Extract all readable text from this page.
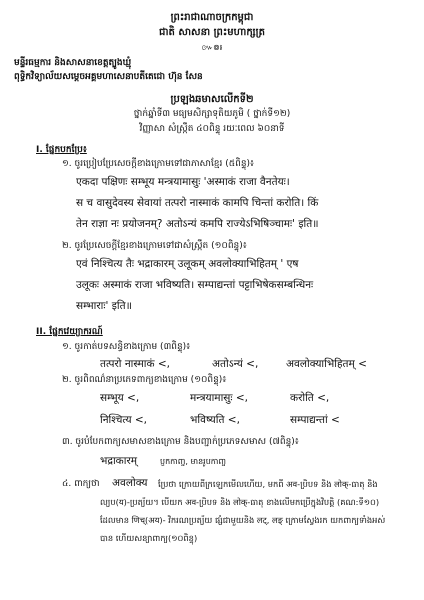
ព្រះរាជាណាចក្រកម្ពុជា
ជាតិ សាសនា ព្រះមហាក្សត្រ
៚៙៛
មន្ទីរធម្មការ និងសាសនាខេត្តត្បូងឃ្មុំ
ពុទ្ធិកវិទ្យាល័យសម្តេចអគ្គមហាសេនាបតីតេជោ ហ៊ុន សែន
ប្រឡងឆមាសលើកទី២
ថ្នាក់ឆ្នាំទី៣ មធ្យមសិក្សាទុតិយភូមិ ( ថ្នាក់ទី១២)
វិញ្ញាសា សំស្ក្រឹត ៤០ពិន្ទុ រយៈពេល ៦០នាទី
I. ផ្នែកបកប្រែ៖
១. ចូរប្រៀបប្រែសេចក្តីខាងក្រោមទៅជាភាសាខ្មែរ (៥ពិន្ទុ)៖
एकदा पक्षिणः सम्भूय मन्त्रयामासुः 'अस्माकं राजा वैनतेयः।
स च वासुदेवस्य सेवायां तत्परो नास्माकं कामपि चिन्तां करोति। किं
तेन राज्ञा नः प्रयोजनम्? अतोऽन्यं कमपि राज्येऽभिषिञ्चामः' इति॥
២. ចូរប្រែសេចក្តីខ្មែរខាងក្រោមទៅជាសំស្ក្រឹត (១០ពិន្ទុ)៖
एवं निश्चित्य तैः भद्राकारम् उलूकम् अवलोक्याभिहितम् ' एष
उलूकः अस्माकं राजा भविष्यति। सम्पाद्यन्तां पट्टाभिषेकसम्बन्धिनः
सम्भाराः' इति॥
II. ផ្នែកវេយ្យាករណ៍
១. ចូរកាត់បទសន្ធិខាងក្រោម (៣ពិន្ទុ)៖
तत्परो नास्माकं <,	अतोऽन्यं <,	अवलोक्याभिहितम् <
២. ចូរពិពណ៌នាប្រភេទពាក្យខាងក្រោម (១០ពិន្ទុ)៖
सम्भूय <,	मन्त्रयामासुः <,	करोति <,
निश्चित्य <,	भविष्यति <,	सम्पाद्यन्तां <
៣. ចូរបំបែកពាក្យសមាសខាងក្រោម និងបញ្ជាក់ប្រភេទសមាស (៧ពិន្ទុ)៖
भद्राकारम्	ប្ញកកាញ្ច, មានរូបកាញ្ច
៤. ពាក្យថា अवलोक्य ប្រែថា ក្រោយពីក្រឡេកមើលហើយ, មកពី अव-ប្រិបទ និង लोक्-ធាតុ និង
ល្យប(य)-ប្រត្យ័យ។ បើយក अव-ប្រិបទ និង लोक्-ធាតុ ខាងលើមកប្រើក្នុងវិបត្តិ (គណ:ទី១០)
ដែលមាន णिच्(अय)- វិករណប្រត្យ័យ ផ្សំជាមួយនិង लट्, लङ् ក្រោមស្វែងរក យកពាក្យទាំងអស់
បាន ហើយសន្យាពាក្យ(១០ពិន្ទុ)
